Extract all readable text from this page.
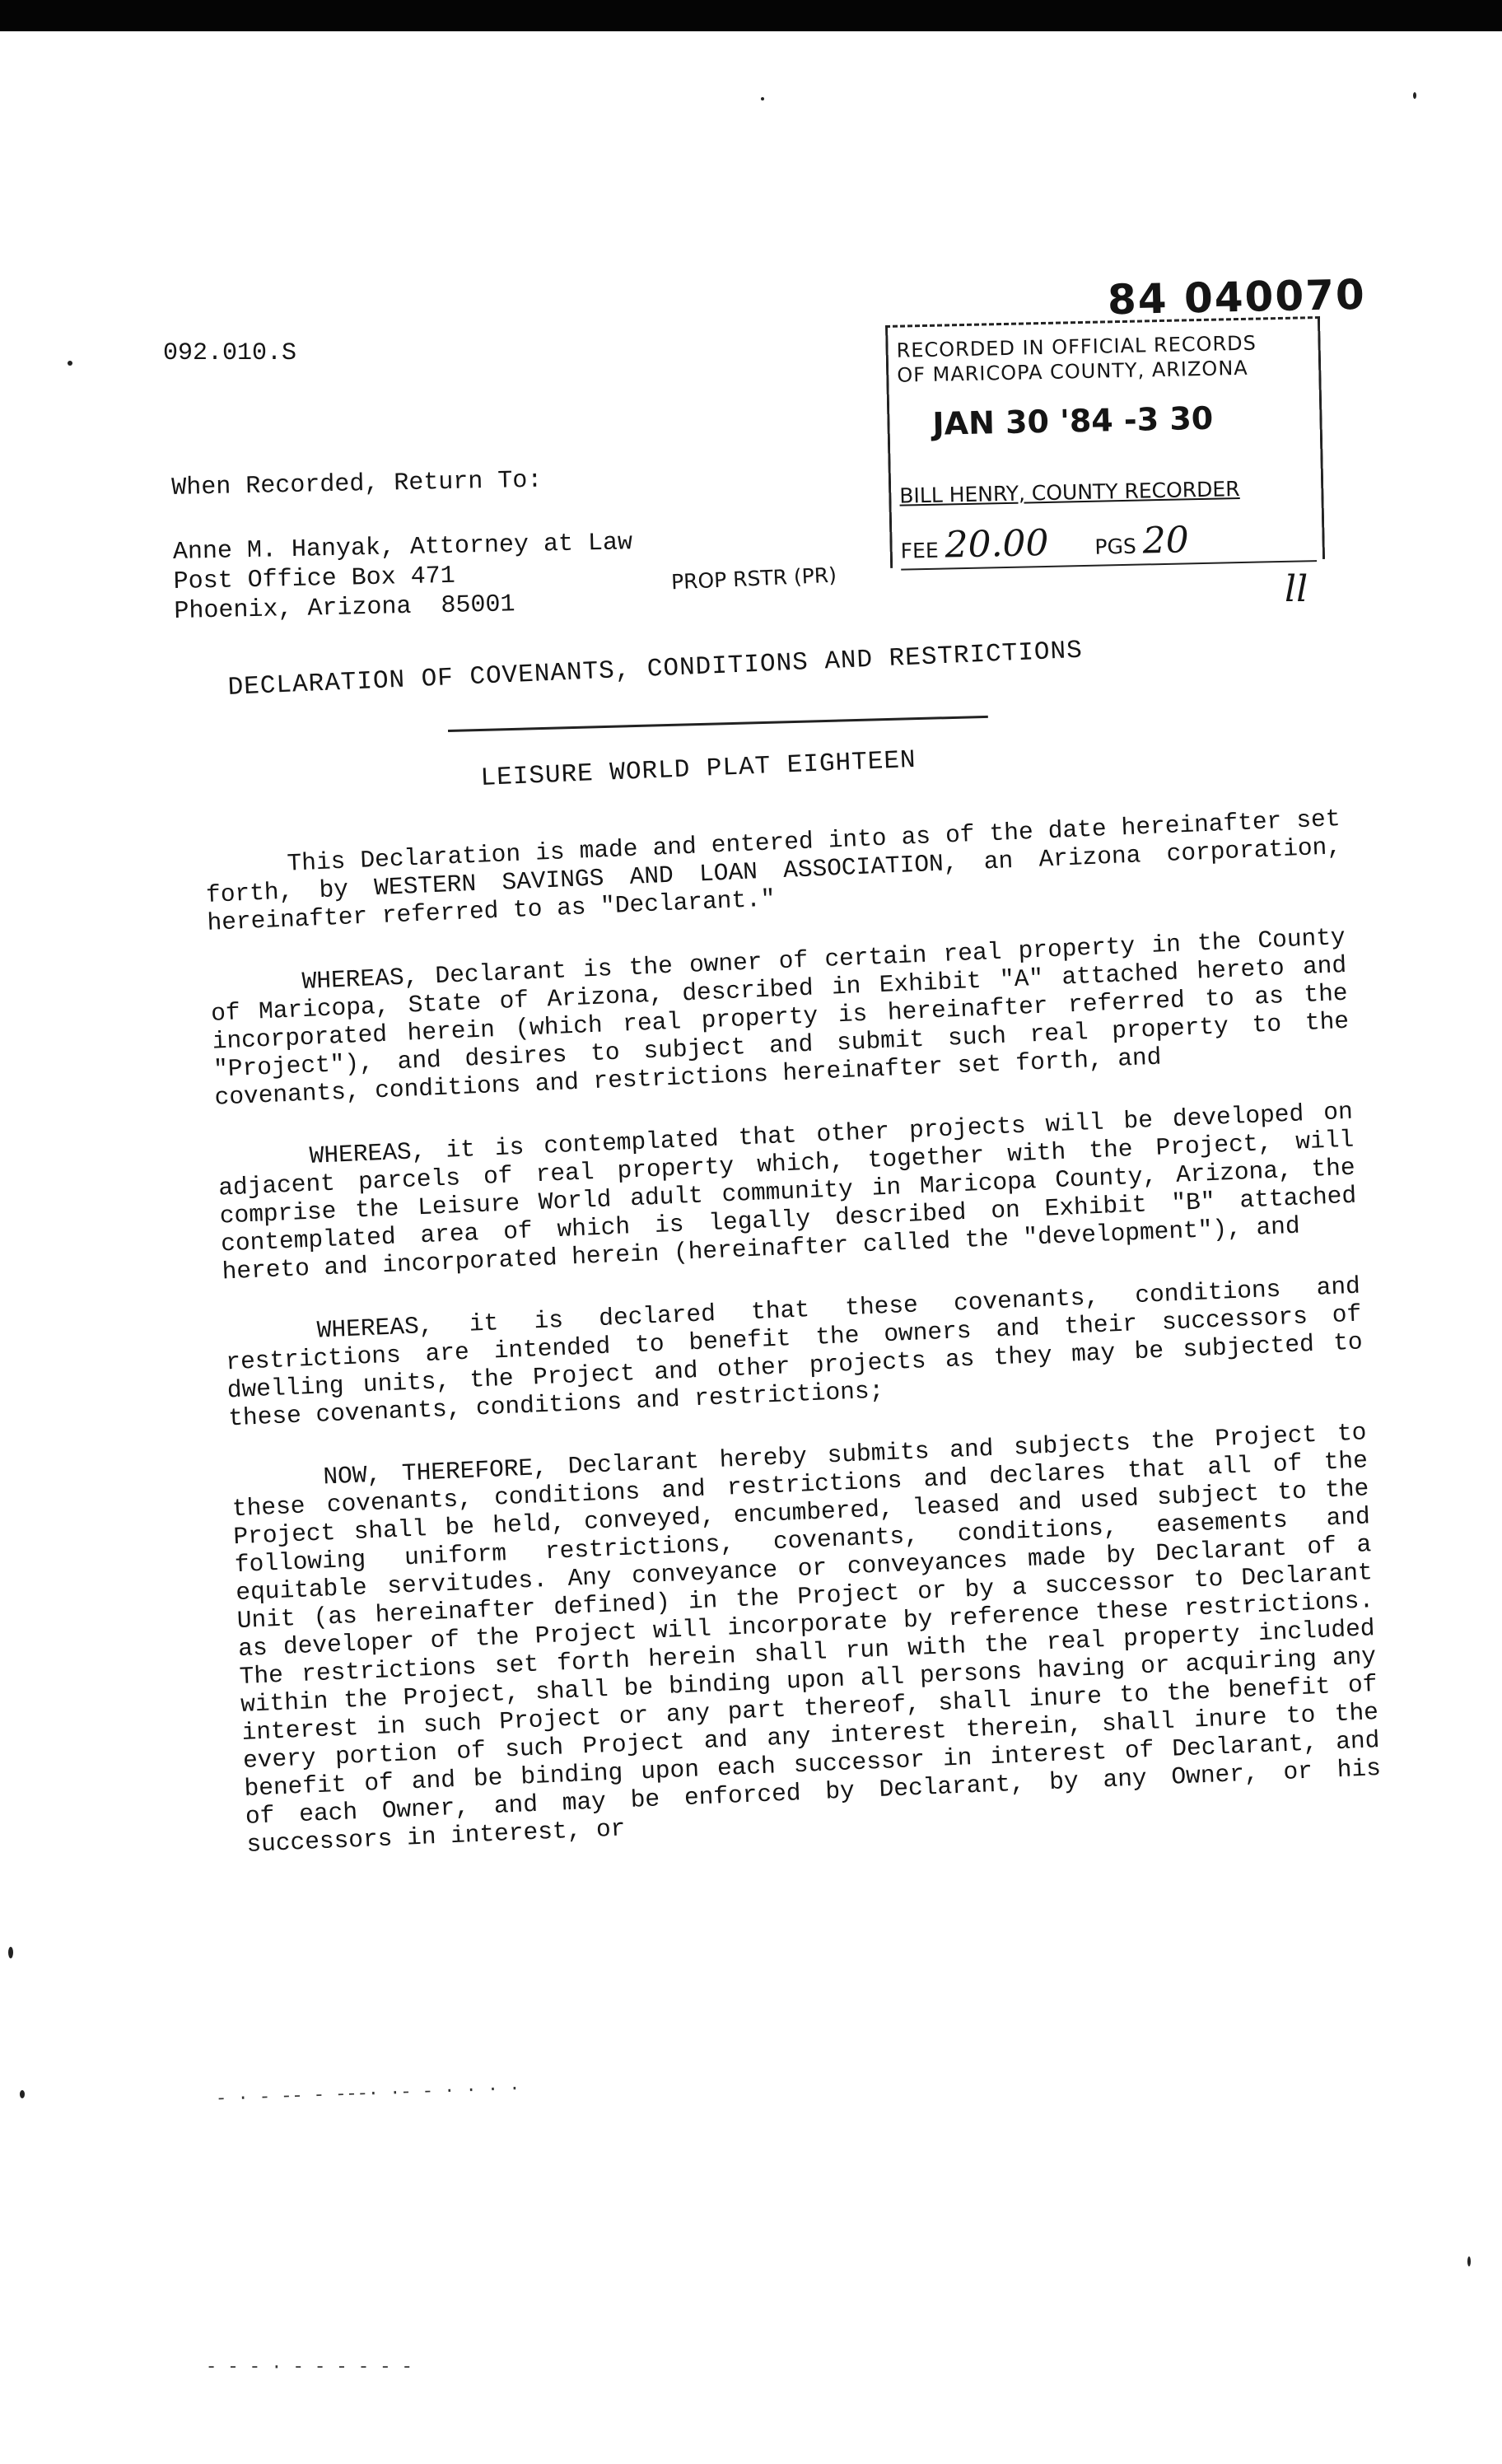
- · - -- - ---· ·- - · · · ·
- - - · - - - - - -
84 040070
092.010.S	RECORDED IN OFFICIAL RECORDS
OF MARICOPA COUNTY, ARIZONA
JAN 30 '84 -3 30
BILL HENRY, COUNTY RECORDER
FEE 20.00 PGS 20
When Recorded, Return To:
Anne M. Hanyak, Attorney at Law
Post Office Box 471
Phoenix, Arizona  85001
PROP RSTR (PR)	ll
DECLARATION OF COVENANTS, CONDITIONS AND RESTRICTIONS
LEISURE WORLD PLAT EIGHTEEN

This Declaration is made and entered into as of the date hereinafter set forth, by WESTERN SAVINGS AND LOAN ASSOCIATION, an Arizona corporation, hereinafter referred to as "Declarant."

WHEREAS, Declarant is the owner of certain real property in the County of Maricopa, State of Arizona, described in Exhibit "A" attached hereto and incorporated herein (which real property is hereinafter referred to as the "Project"), and desires to subject and submit such real property to the covenants, conditions and restrictions hereinafter set forth, and

WHEREAS, it is contemplated that other projects will be developed on adjacent parcels of real property which, together with the Project, will comprise the Leisure World adult community in Maricopa County, Arizona, the contemplated area of which is legally described on Exhibit "B" attached hereto and incorporated herein (hereinafter called the "development"), and

WHEREAS, it is declared that these covenants, conditions and restrictions are intended to benefit the owners and their successors of dwelling units, the Project and other projects as they may be subjected to these covenants, conditions and restrictions;

NOW, THEREFORE, Declarant hereby submits and subjects the Project to these covenants, conditions and restrictions and declares that all of the Project shall be held, conveyed, encumbered, leased and used subject to the following uniform restrictions, covenants, conditions, easements and equitable servitudes. Any conveyance or conveyances made by Declarant of a Unit (as hereinafter defined) in the Project or by a successor to Declarant as developer of the Project will incorporate by reference these restrictions. The restrictions set forth herein shall run with the real property included within the Project, shall be binding upon all persons having or acquiring any interest in such Project or any part thereof, shall inure to the benefit of every portion of such Project and any interest therein, shall inure to the benefit of and be binding upon each successor in interest of Declarant, and of each Owner, and may be enforced by Declarant, by any Owner, or his successors in interest, or
